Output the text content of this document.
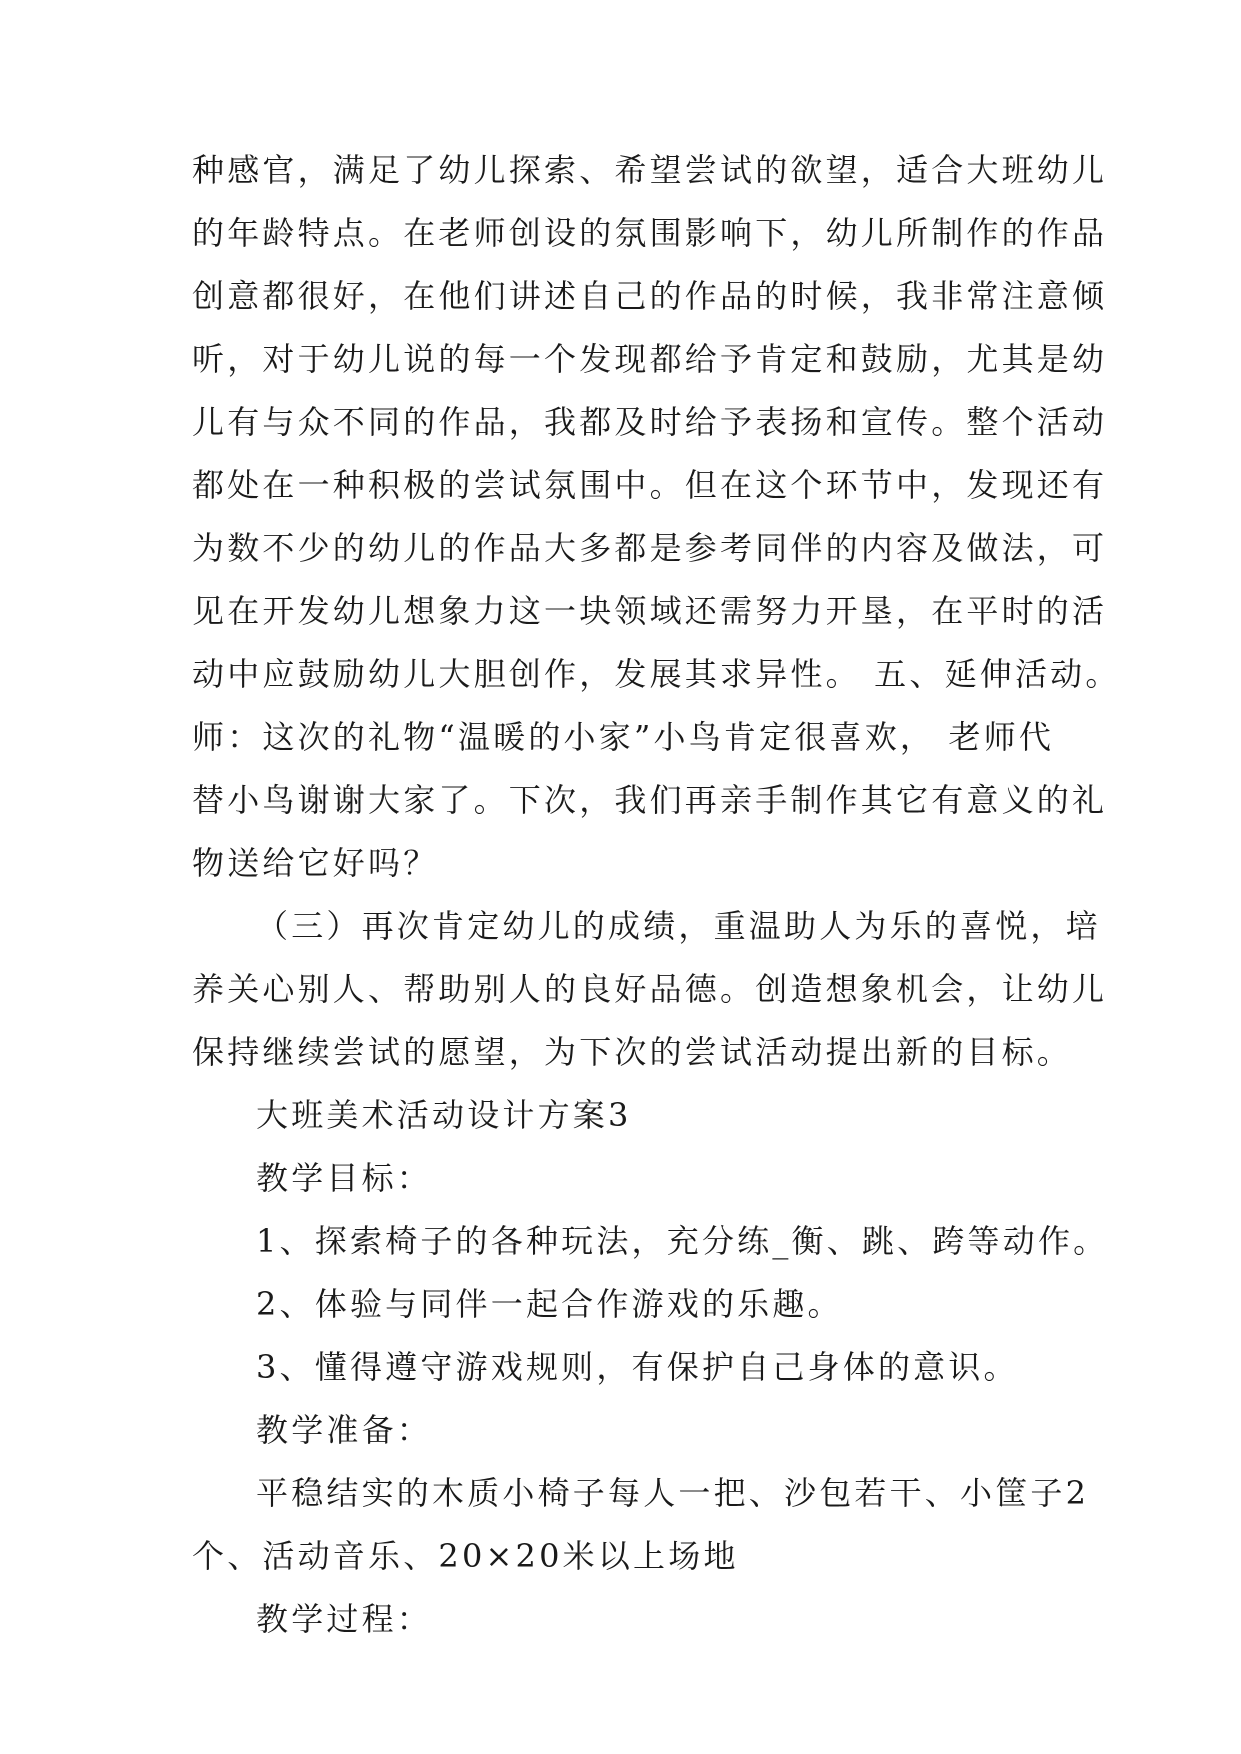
种感官，满足了幼儿探索、希望尝试的欲望，适合大班幼儿
的年龄特点。在老师创设的氛围影响下，幼儿所制作的作品
创意都很好，在他们讲述自己的作品的时候，我非常注意倾
听，对于幼儿说的每一个发现都给予肯定和鼓励，尤其是幼
儿有与众不同的作品，我都及时给予表扬和宣传。整个活动
都处在一种积极的尝试氛围中。但在这个环节中，发现还有
为数不少的幼儿的作品大多都是参考同伴的内容及做法，可
见在开发幼儿想象力这一块领域还需努力开垦，在平时的活
动中应鼓励幼儿大胆创作，发展其求异性。 五、延伸活动。
师：这次的礼物“温暖的小家”小鸟肯定很喜欢， 老师代
替小鸟谢谢大家了。下次，我们再亲手制作其它有意义的礼
物送给它好吗？
（三）再次肯定幼儿的成绩，重温助人为乐的喜悦，培
养关心别人、帮助别人的良好品德。创造想象机会，让幼儿
保持继续尝试的愿望，为下次的尝试活动提出新的目标。
大班美术活动设计方案3
教学目标：
1、探索椅子的各种玩法，充分练_衡、跳、跨等动作。
2、体验与同伴一起合作游戏的乐趣。
3、懂得遵守游戏规则，有保护自己身体的意识。
教学准备：
平稳结实的木质小椅子每人一把、沙包若干、小筐子2
个、活动音乐、20×20米以上场地
教学过程：
